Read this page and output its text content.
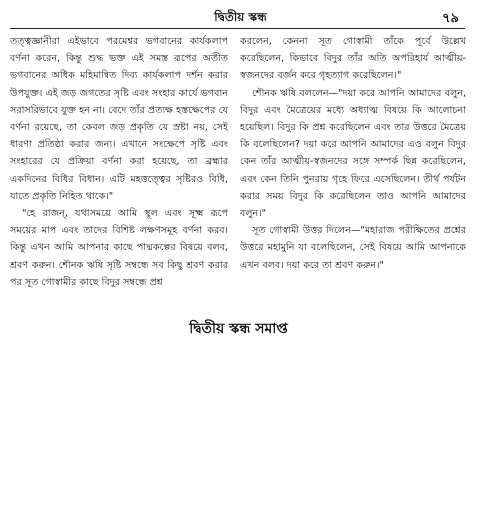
দ্বিতীয় স্কন্ধ	৭৯

তত্ত্বজ্ঞানীরা এইভাবে পরমেশ্বর ভগবানের কার্যকলাপ বর্ণনা করেন, কিন্তু শুদ্ধ ভক্ত এই সমস্ত রূপের অতীত ভগবানের অধিক মহিমান্বিত দিব্য কার্যকলাপ দর্শন করার উপযুক্ত। এই জড় জগতের সৃষ্টি এবং সংহার কার্যে ভগবান সরাসরিভাবে যুক্ত হন না। বেদে তাঁর প্রত্যক্ষ হস্তক্ষেপের যে বর্ণনা রয়েছে, তা কেবল জড় প্রকৃতি যে স্রষ্টা নয়, সেই ধারণা প্রতিষ্ঠা করার জন্য। এখানে সংক্ষেপে সৃষ্টি এবং সংহারের যে প্রক্রিয়া বর্ণনা করা হয়েছে, তা ব্রহ্মার একদিনের বিধির বিধান। এটি মহত্তত্ত্বের সৃষ্টিরও বিধি, যাতে প্রকৃতি নিহিত থাকে।"

"হে রাজন্‌, যথাসময়ে আমি স্থূল এবং সূক্ষ্ম রূপে সময়ের মাপ এবং তাদের বিশিষ্ট লক্ষণসমূহ বর্ণনা করব। কিন্তু এখন আমি আপনার কাছে পাদ্মকল্পের বিষয়ে বলব, শ্রবণ করুন। শৌনক ঋষি সৃষ্টি সম্বন্ধে সব কিছু শ্রবণ করার পর সূত গোস্বামীর কাছে বিদুর সম্বন্ধে প্রশ্ন

করলেন, কেননা সূত গোস্বামী তাঁকে পূর্বে উল্লেখ করেছিলেন, কিভাবে বিদুর তাঁর অতি অপরিহার্য আত্মীয়-স্বজনদের বর্জন করে গৃহত্যাগ করেছিলেন।"

শৌনক ঋষি বললেন—"দয়া করে আপনি আমাদের বলুন, বিদুর এবং মৈত্রেয়ের মধ্যে অধ্যাত্ম বিষয়ে কি আলোচনা হয়েছিল। বিদুর কি প্রশ্ন করেছিলেন এবং তার উত্তরে মৈত্রেয় কি বলেছিলেন? দয়া করে আপনি আমাদের এও বলুন বিদুর কেন তাঁর আত্মীয়-স্বজনদের সঙ্গে সম্পর্ক ছিন্ন করেছিলেন, এবং কেন তিনি পুনরায় গৃহে ফিরে এসেছিলেন। তীর্থ পর্যটন করার সময় বিদুর কি করেছিলেন তাও আপনি আমাদের বলুন।"

সূত গোস্বামী উত্তর দিলেন—"মহারাজ পরীক্ষিতের প্রশ্নের উত্তরে মহামুনি যা বলেছিলেন, সেই বিষয়ে আমি আপনাকে এখন বলব। দয়া করে তা শ্রবণ করুন।"

দ্বিতীয় স্কন্ধ সমাপ্ত
